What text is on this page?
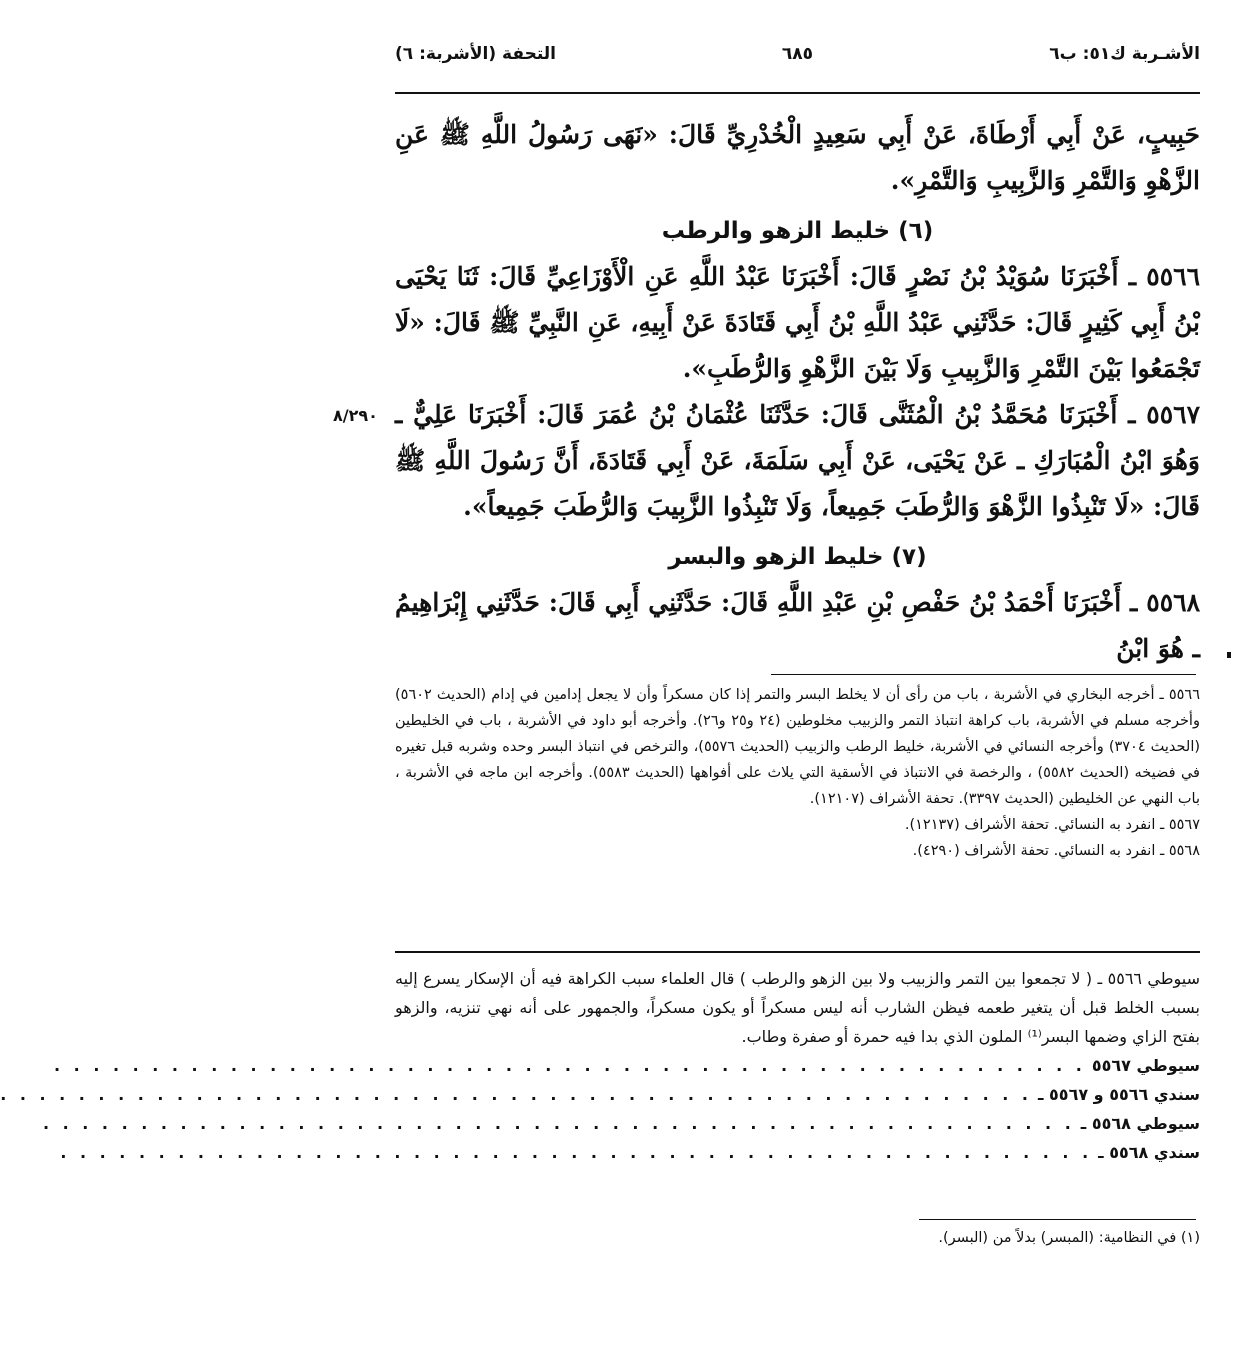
الأشـربة ك٥١: ب٦
٦٨٥
التحفة (الأشربة: ٦)

حَبِيبٍ، عَنْ أَبِي أَرْطَاةَ، عَنْ أَبِي سَعِيدٍ الْخُدْرِيِّ قَالَ: «نَهَى رَسُولُ اللَّهِ ﷺ عَنِ الزَّهْوِ وَالتَّمْرِ وَالزَّبِيبِ وَالتَّمْرِ».

(٦) خليط الزهو والرطب

٥٥٦٦ ـ أَخْبَرَنَا سُوَيْدُ بْنُ نَصْرٍ قَالَ: أَخْبَرَنَا عَبْدُ اللَّهِ عَنِ الْأَوْزَاعِيِّ قَالَ: ثَنَا يَحْيَى بْنُ أَبِي كَثِيرٍ قَالَ: حَدَّثَنِي عَبْدُ اللَّهِ بْنُ أَبِي قَتَادَةَ عَنْ أَبِيهِ، عَنِ النَّبِيِّ ﷺ قَالَ: «لَا تَجْمَعُوا بَيْنَ التَّمْرِ وَالزَّبِيبِ وَلَا بَيْنَ الزَّهْوِ وَالرُّطَبِ».

٨/٢٩٠ ٥٥٦٧ ـ أَخْبَرَنَا مُحَمَّدُ بْنُ الْمُثَنَّى قَالَ: حَدَّثَنَا عُثْمَانُ بْنُ عُمَرَ قَالَ: أَخْبَرَنَا عَلِيٌّ ـ وَهُوَ ابْنُ الْمُبَارَكِ ـ عَنْ يَحْيَى، عَنْ أَبِي سَلَمَةَ، عَنْ أَبِي قَتَادَةَ، أَنَّ رَسُولَ اللَّهِ ﷺ قَالَ: «لَا تَنْبِذُوا الزَّهْوَ وَالرُّطَبَ جَمِيعاً، وَلَا تَنْبِذُوا الزَّبِيبَ وَالرُّطَبَ جَمِيعاً».

(٧) خليط الزهو والبسر

٥٥٦٨ ـ أَخْبَرَنَا أَحْمَدُ بْنُ حَفْصِ بْنِ عَبْدِ اللَّهِ قَالَ: حَدَّثَنِي أَبِي قَالَ: حَدَّثَنِي إِبْرَاهِيمُ ـ هُوَ ابْنُ

٥٥٦٦ ـ أخرجه البخاري في الأشربة ، باب من رأى أن لا يخلط البسر والتمر إذا كان مسكراً وأن لا يجعل إدامين في إدام (الحديث ٥٦٠٢) وأخرجه مسلم في الأشربة، باب كراهة انتباذ التمر والزبيب مخلوطين (٢٤ و٢٥ و٢٦). وأخرجه أبو داود في الأشربة ، باب في الخليطين (الحديث ٣٧٠٤) وأخرجه النسائي في الأشربة، خليط الرطب والزبيب (الحديث ٥٥٧٦)، والترخص في انتباذ البسر وحده وشربه قبل تغيره في فضيخه (الحديث ٥٥٨٢) ، والرخصة في الانتباذ في الأسقية التي يلاث على أفواهها (الحديث ٥٥٨٣). وأخرجه ابن ماجه في الأشربة ، باب النهي عن الخليطين (الحديث ٣٣٩٧). تحفة الأشراف (١٢١٠٧).

٥٥٦٧ ـ انفرد به النسائي. تحفة الأشراف (١٢١٣٧).

٥٥٦٨ ـ انفرد به النسائي. تحفة الأشراف (٤٢٩٠).

سيوطي ٥٥٦٦ ـ ( لا تجمعوا بين التمر والزبيب ولا بين الزهو والرطب ) قال العلماء سبب الكراهة فيه أن الإسكار يسرع إليه بسبب الخلط قبل أن يتغير طعمه فيظن الشارب أنه ليس مسكراً أو يكون مسكراً، والجمهور على أنه نهي تنزيه، والزهو بفتح الزاي وضمها البسر⁽¹⁾ الملون الذي بدا فيه حمرة أو صفرة وطاب.

سيوطي ٥٥٦٧
. . . . . . . . . . . . . . . . . . . . . . . . . . . . . . . . . . . . . . . . . . . . . . . . . . . . .
سندي ٥٥٦٦ و ٥٥٦٧ ـ
. . . . . . . . . . . . . . . . . . . . . . . . . . . . . . . . . . . . . . . . . . . . . . . . . . . . .
سيوطي ٥٥٦٨ ـ
. . . . . . . . . . . . . . . . . . . . . . . . . . . . . . . . . . . . . . . . . . . . . . . . . . . . .
سندي ٥٥٦٨ ـ
. . . . . . . . . . . . . . . . . . . . . . . . . . . . . . . . . . . . . . . . . . . . . . . . . . . . .
(١) في النظامية: (المبسر) بدلاً من (البسر).
